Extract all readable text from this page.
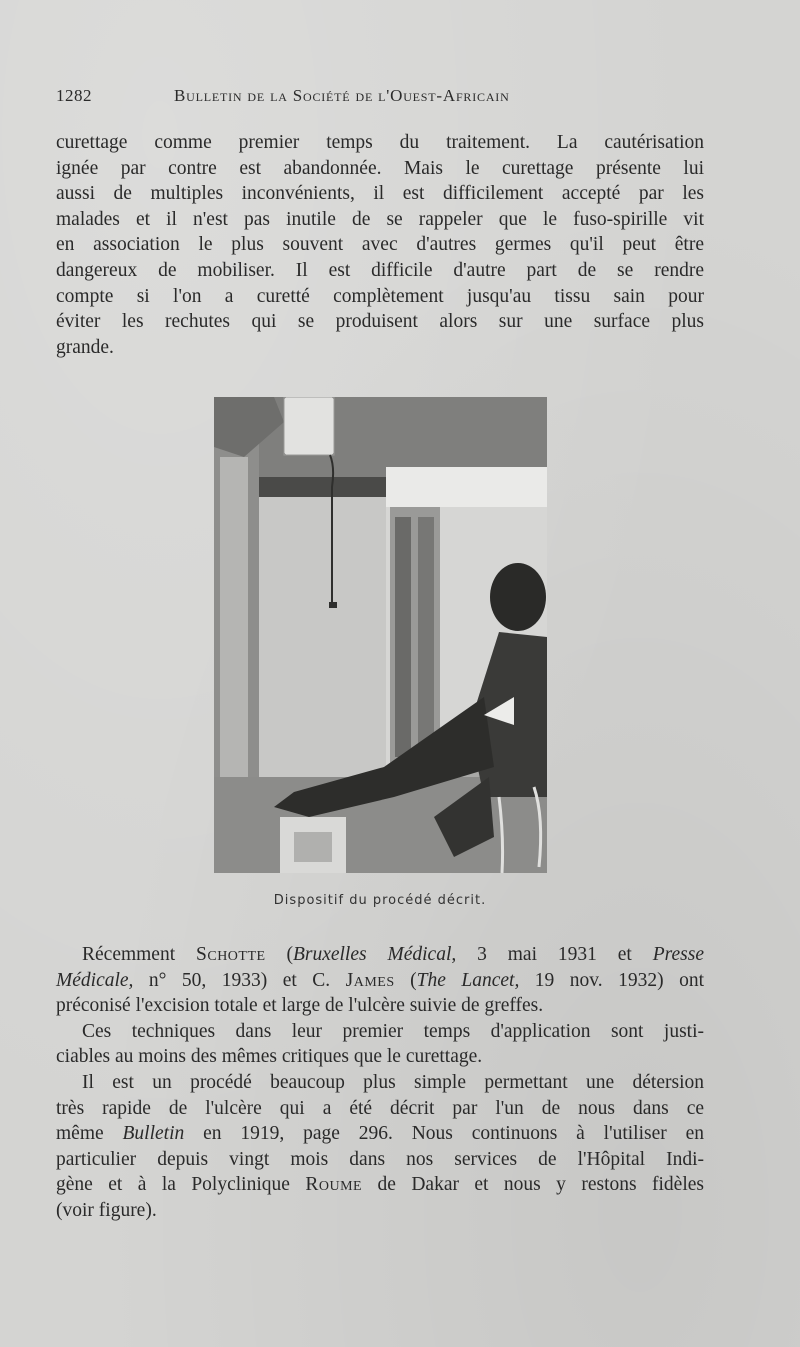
1282	Bulletin de la Société de l'Ouest-Africain

curettage comme premier temps du traitement. La cautérisation
ignée par contre est abandonnée. Mais le curettage présente lui
aussi de multiples inconvénients, il est difficilement accepté par les
malades et il n'est pas inutile de se rappeler que le fuso-spirille vit
en association le plus souvent avec d'autres germes qu'il peut être
dangereux de mobiliser. Il est difficile d'autre part de se rendre
compte si l'on a curetté complètement jusqu'au tissu sain pour
éviter les rechutes qui se produisent alors sur une surface plus
grande.

Dispositif du procédé décrit.

Récemment Schotte (Bruxelles Médical, 3 mai 1931 et Presse
Médicale, n° 50, 1933) et C. James (The Lancet, 19 nov. 1932) ont
préconisé l'excision totale et large de l'ulcère suivie de greffes.
Ces techniques dans leur premier temps d'application sont justi-
ciables au moins des mêmes critiques que le curettage.
Il est un procédé beaucoup plus simple permettant une détersion
très rapide de l'ulcère qui a été décrit par l'un de nous dans ce
même Bulletin en 1919, page 296. Nous continuons à l'utiliser en
particulier depuis vingt mois dans nos services de l'Hôpital Indi-
gène et à la Polyclinique Roume de Dakar et nous y restons fidèles
(voir figure).
